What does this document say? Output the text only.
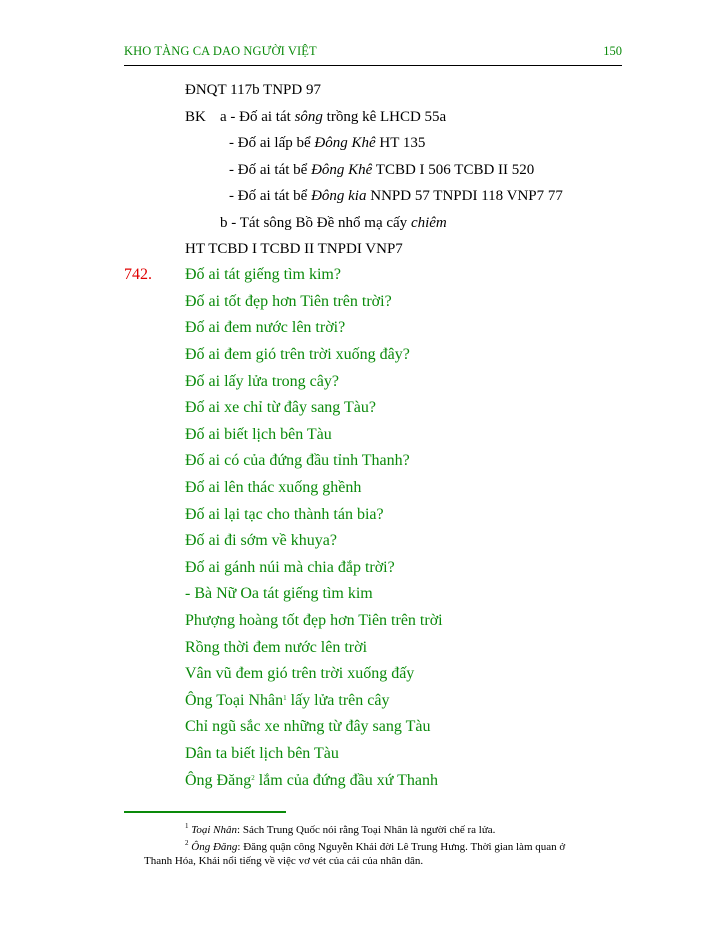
KHO TÀNG CA DAO NGƯỜI VIỆT	150
ĐNQT 117b TNPD 97
BK a - Đố ai tát sông trồng kê LHCD 55a
- Đố ai lấp bể Đông Khê HT 135
- Đố ai tát bể Đông Khê TCBD I 506 TCBD II 520
- Đố ai tát bể Đông kia NNPD 57 TNPDI 118 VNP7 77
b - Tát sông Bồ Đề nhổ mạ cấy chiêm
HT TCBD I TCBD II TNPDI VNP7
742. Đố ai tát giếng tìm kim?
Đố ai tốt đẹp hơn Tiên trên trời?
Đố ai đem nước lên trời?
Đố ai đem gió trên trời xuống đây?
Đố ai lấy lửa trong cây?
Đố ai xe chỉ từ đây sang Tàu?
Đố ai biết lịch bên Tàu
Đố ai có của đứng đầu tỉnh Thanh?
Đố ai lên thác xuống ghềnh
Đố ai lại tạc cho thành tán bia?
Đố ai đi sớm về khuya?
Đố ai gánh núi mà chia đắp trời?
- Bà Nữ Oa tát giếng tìm kim
Phượng hoàng tốt đẹp hơn Tiên trên trời
Rồng thời đem nước lên trời
Vân vũ đem gió trên trời xuống đấy
Ông Toại Nhân$^1$ lấy lửa trên cây
Chỉ ngũ sắc xe những từ đây sang Tàu
Dân ta biết lịch bên Tàu
Ông Đăng$^2$ lắm của đứng đầu xứ Thanh
$^1$ Toại Nhân: Sách Trung Quốc nói rằng Toại Nhân là người chế ra lửa.
$^2$ Ông Đăng: Đăng quận công Nguyễn Khải đời Lê Trung Hưng. Thời gian làm quan ở
Thanh Hóa, Khải nổi tiếng về việc vơ vét của cải của nhân dân.
